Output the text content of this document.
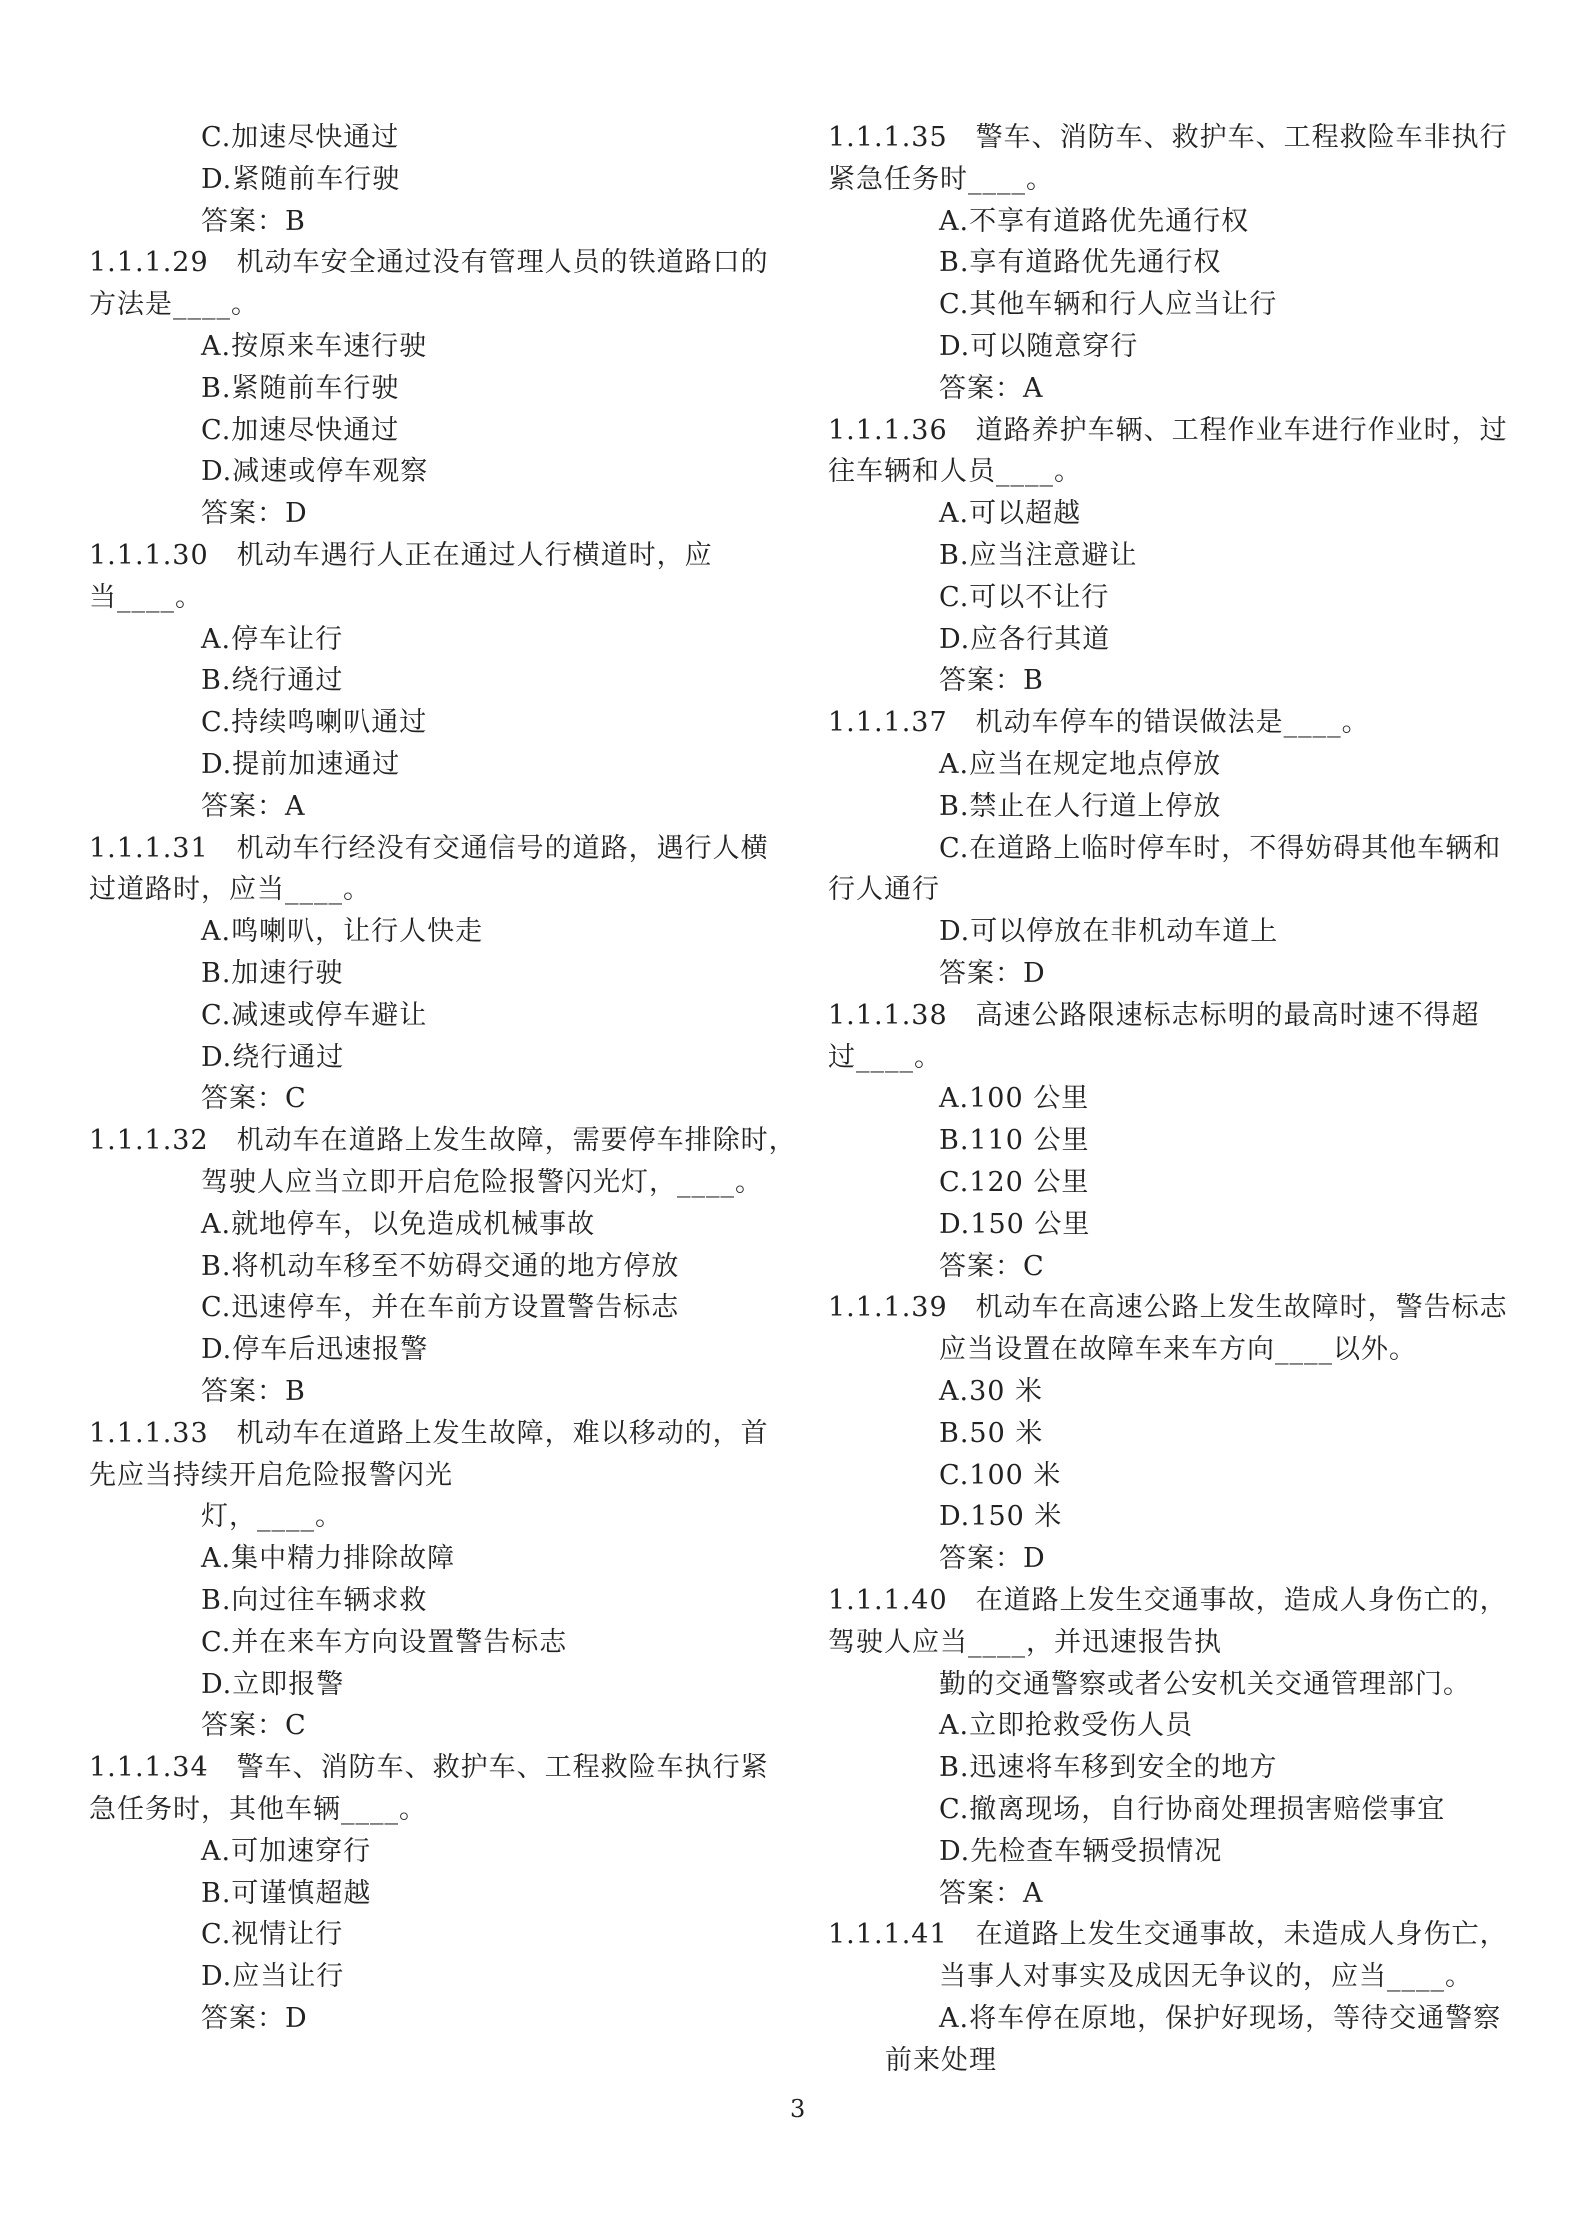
C.加速尽快通过
D.紧随前车行驶
答案：B
1.1.1.29　机动车安全通过没有管理人员的铁道路口的
方法是____。
A.按原来车速行驶
B.紧随前车行驶
C.加速尽快通过
D.减速或停车观察
答案：D
1.1.1.30　机动车遇行人正在通过人行横道时，应
当____。
A.停车让行
B.绕行通过
C.持续鸣喇叭通过
D.提前加速通过
答案：A
1.1.1.31　机动车行经没有交通信号的道路，遇行人横
过道路时，应当____。
A.鸣喇叭，让行人快走
B.加速行驶
C.减速或停车避让
D.绕行通过
答案：C
1.1.1.32　机动车在道路上发生故障，需要停车排除时，
驾驶人应当立即开启危险报警闪光灯，____。
A.就地停车，以免造成机械事故
B.将机动车移至不妨碍交通的地方停放
C.迅速停车，并在车前方设置警告标志
D.停车后迅速报警
答案：B
1.1.1.33　机动车在道路上发生故障，难以移动的，首
先应当持续开启危险报警闪光
灯，____。
A.集中精力排除故障
B.向过往车辆求救
C.并在来车方向设置警告标志
D.立即报警
答案：C
1.1.1.34　警车、消防车、救护车、工程救险车执行紧
急任务时，其他车辆____。
A.可加速穿行
B.可谨慎超越
C.视情让行
D.应当让行
答案：D
1.1.1.35　警车、消防车、救护车、工程救险车非执行
紧急任务时____。
A.不享有道路优先通行权
B.享有道路优先通行权
C.其他车辆和行人应当让行
D.可以随意穿行
答案：A
1.1.1.36　道路养护车辆、工程作业车进行作业时，过
往车辆和人员____。
A.可以超越
B.应当注意避让
C.可以不让行
D.应各行其道
答案：B
1.1.1.37　机动车停车的错误做法是____。
A.应当在规定地点停放
B.禁止在人行道上停放
C.在道路上临时停车时，不得妨碍其他车辆和
行人通行
D.可以停放在非机动车道上
答案：D
1.1.1.38　高速公路限速标志标明的最高时速不得超
过____。
A.100 公里
B.110 公里
C.120 公里
D.150 公里
答案：C
1.1.1.39　机动车在高速公路上发生故障时，警告标志
应当设置在故障车来车方向____以外。
A.30 米
B.50 米
C.100 米
D.150 米
答案：D
1.1.1.40　在道路上发生交通事故，造成人身伤亡的，
驾驶人应当____，并迅速报告执
勤的交通警察或者公安机关交通管理部门。
A.立即抢救受伤人员
B.迅速将车移到安全的地方
C.撤离现场，自行协商处理损害赔偿事宜
D.先检查车辆受损情况
答案：A
1.1.1.41　在道路上发生交通事故，未造成人身伤亡，
当事人对事实及成因无争议的，应当____。
A.将车停在原地，保护好现场，等待交通警察
前来处理
3
